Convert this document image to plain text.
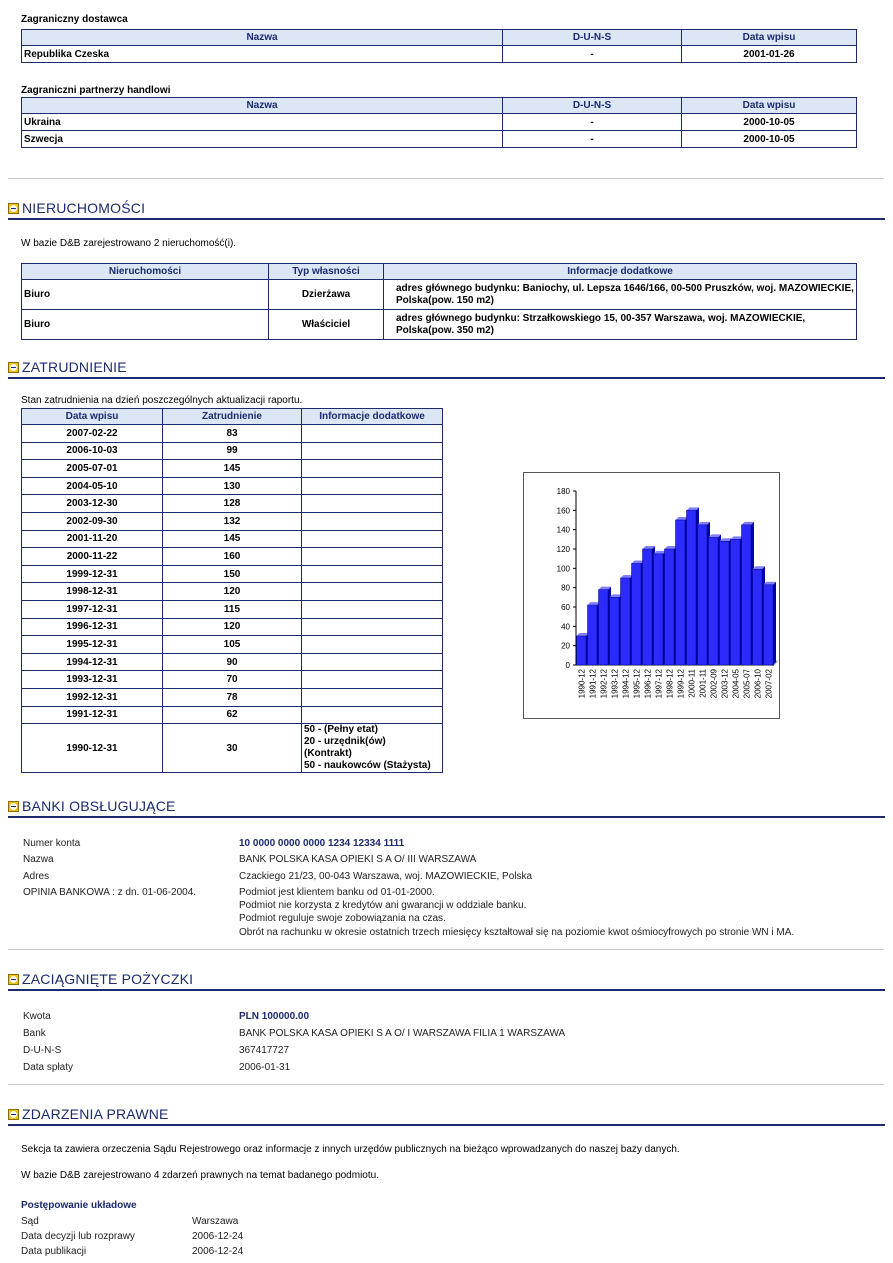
Zagraniczny dostawca
Nazwa	D-U-N-S	Data wpisu
Republika Czeska	-	2001-01-26
Zagraniczni partnerzy handlowi
Nazwa	D-U-N-S	Data wpisu
Ukraina	-	2000-10-05
Szwecja	-	2000-10-05
NIERUCHOMOŚCI
W bazie D&B zarejestrowano 2 nieruchomość(i).
Nieruchomości	Typ własności	Informacje dodatkowe
Biuro	Dzierżawa	adres głównego budynku: Baniochy, ul. Lepsza 1646/166, 00-500 Pruszków, woj. MAZOWIECKIE, Polska(pow. 150 m2)
Biuro	Właściciel	adres głównego budynku: Strzałkowskiego 15, 00-357 Warszawa, woj. MAZOWIECKIE, Polska(pow. 350 m2)
ZATRUDNIENIE
Stan zatrudnienia na dzień poszczególnych aktualizacji raportu.
Data wpisu	Zatrudnienie	Informacje dodatkowe
2007-02-22	83	
2006-10-03	99	
2005-07-01	145	
2004-05-10	130	
2003-12-30	128	
2002-09-30	132	
2001-11-20	145	
2000-11-22	160	
1999-12-31	150	
1998-12-31	120	
1997-12-31	115	
1996-12-31	120	
1995-12-31	105	
1994-12-31	90	
1993-12-31	70	
1992-12-31	78	
1991-12-31	62	
1990-12-31	30	50 - (Pełny etat)
20 - urzędnik(ów)
(Kontrakt)
50 - naukowców (Stażysta)
0
20
40
60
80
100
120
140
160
180
1990-12 1991-12 1992-12 1993-12 1994-12 1995-12 1996-12 1997-12 1998-12 1999-12 2000-11 2001-11 2002-09 2003-12 2004-05 2005-07 2006-10 2007-02
BANKI OBSŁUGUJĄCE
Numer konta	10 0000 0000 0000 1234 12334 1111
Nazwa	BANK POLSKA KASA OPIEKI S A O/ III WARSZAWA
Adres	Czackiego 21/23, 00-043 Warszawa, woj. MAZOWIECKIE, Polska
OPINIA BANKOWA : z dn. 01-06-2004.	Podmiot jest klientem banku od 01-01-2000.
Podmiot nie korzysta z kredytów ani gwarancji w oddziale banku.
Podmiot reguluje swoje zobowiązania na czas.
Obrót na rachunku w okresie ostatnich trzech miesięcy kształtował się na poziomie kwot ośmiocyfrowych po stronie WN i MA.
ZACIĄGNIĘTE POŻYCZKI
Kwota	PLN 100000.00
Bank	BANK POLSKA KASA OPIEKI S A O/ I WARSZAWA FILIA 1 WARSZAWA
D-U-N-S	367417727
Data spłaty	2006-01-31
ZDARZENIA PRAWNE
Sekcja ta zawiera orzeczenia Sądu Rejestrowego oraz informacje z innych urzędów publicznych na bieżąco wprowadzanych do naszej bazy danych.
W bazie D&B zarejestrowano 4 zdarzeń prawnych na temat badanego podmiotu.
Postępowanie układowe
Sąd	Warszawa
Data decyzji lub rozprawy	2006-12-24
Data publikacji	2006-12-24
